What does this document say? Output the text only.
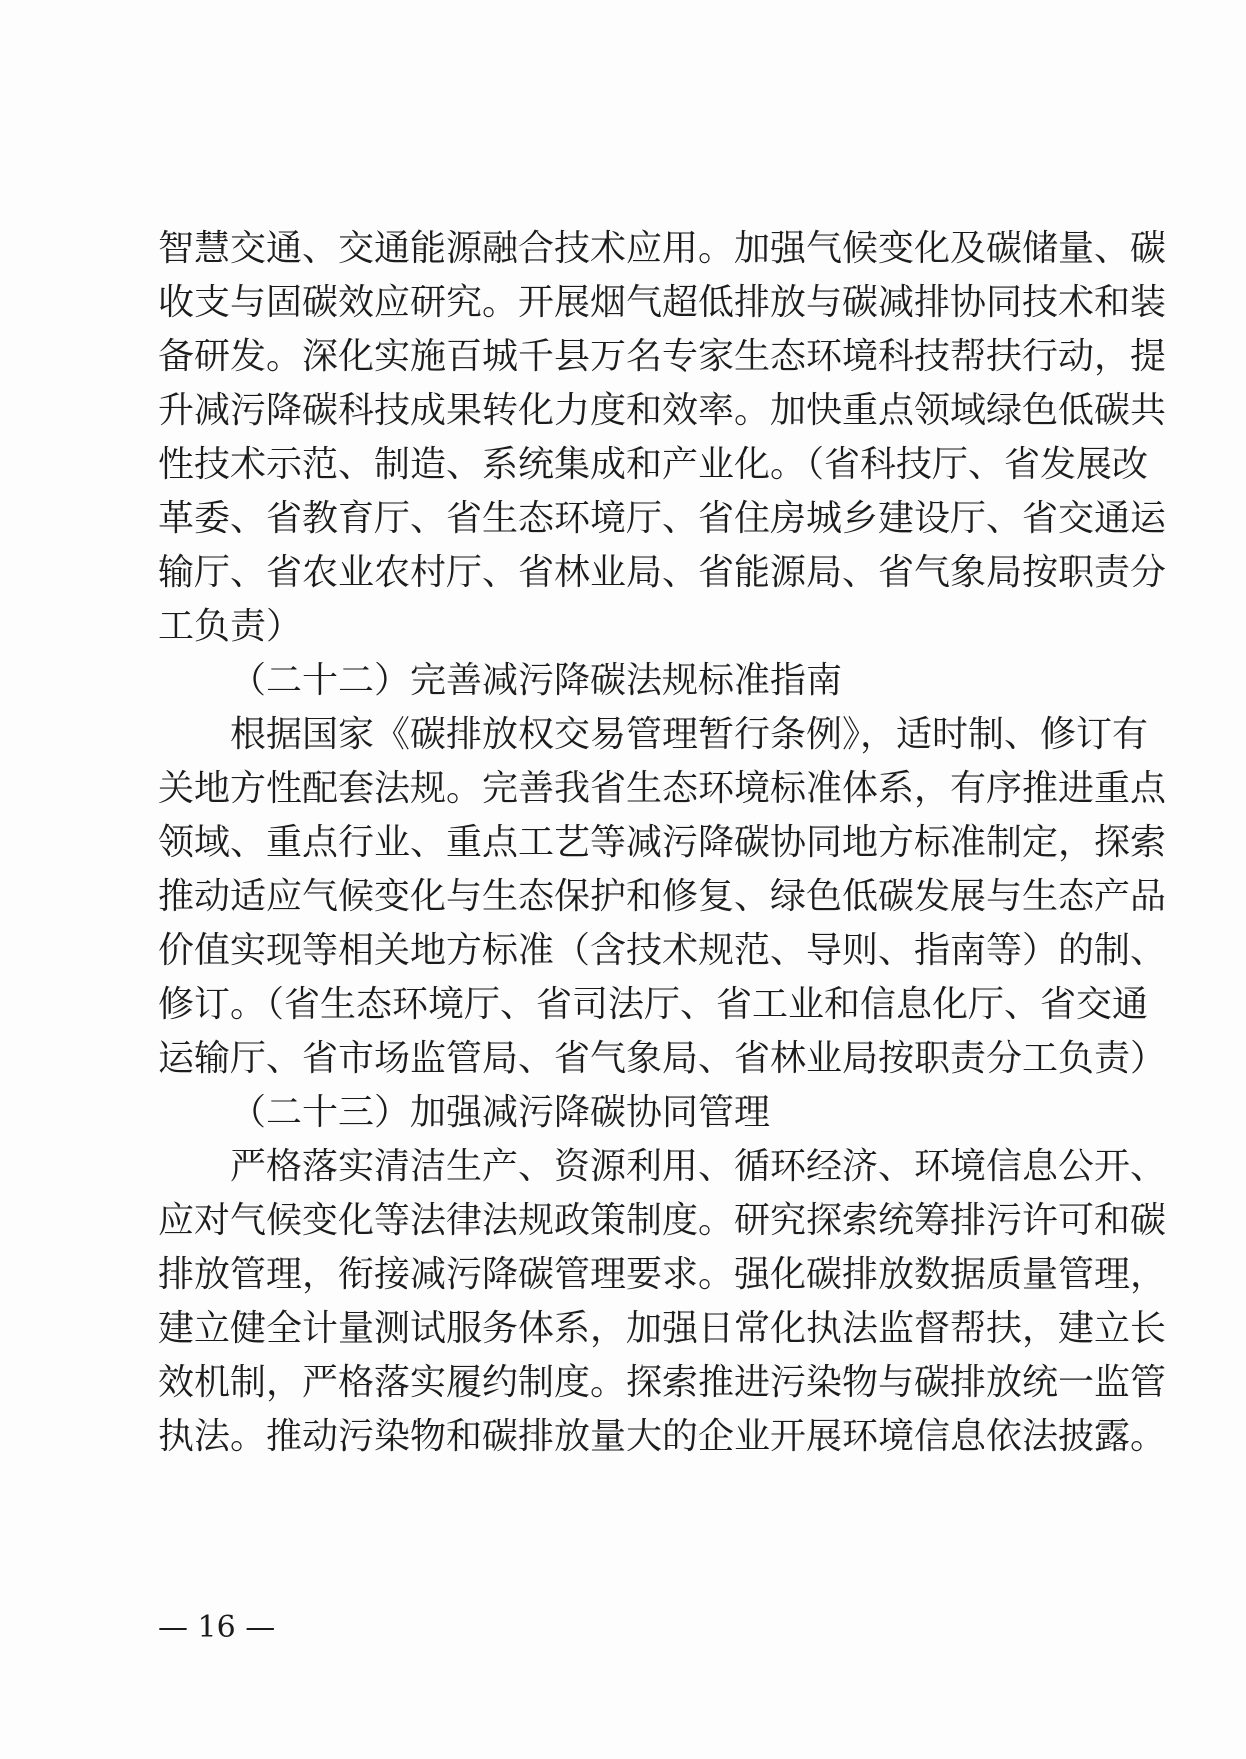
智慧交通、交通能源融合技术应用。加强气候变化及碳储量、碳
收支与固碳效应研究。开展烟气超低排放与碳减排协同技术和装
备研发。深化实施百城千县万名专家生态环境科技帮扶行动，提
升减污降碳科技成果转化力度和效率。加快重点领域绿色低碳共
性技术示范、制造、系统集成和产业化。（省科技厅、省发展改
革委、省教育厅、省生态环境厅、省住房城乡建设厅、省交通运
输厅、省农业农村厅、省林业局、省能源局、省气象局按职责分
工负责）
（二十二）完善减污降碳法规标准指南
根据国家《碳排放权交易管理暂行条例》，适时制、修订有
关地方性配套法规。完善我省生态环境标准体系，有序推进重点
领域、重点行业、重点工艺等减污降碳协同地方标准制定，探索
推动适应气候变化与生态保护和修复、绿色低碳发展与生态产品
价值实现等相关地方标准（含技术规范、导则、指南等）的制、
修订。（省生态环境厅、省司法厅、省工业和信息化厅、省交通
运输厅、省市场监管局、省气象局、省林业局按职责分工负责）
（二十三）加强减污降碳协同管理
严格落实清洁生产、资源利用、循环经济、环境信息公开、
应对气候变化等法律法规政策制度。研究探索统筹排污许可和碳
排放管理，衔接减污降碳管理要求。强化碳排放数据质量管理，
建立健全计量测试服务体系，加强日常化执法监督帮扶，建立长
效机制，严格落实履约制度。探索推进污染物与碳排放统一监管
执法。推动污染物和碳排放量大的企业开展环境信息依法披露。
— 16 —
